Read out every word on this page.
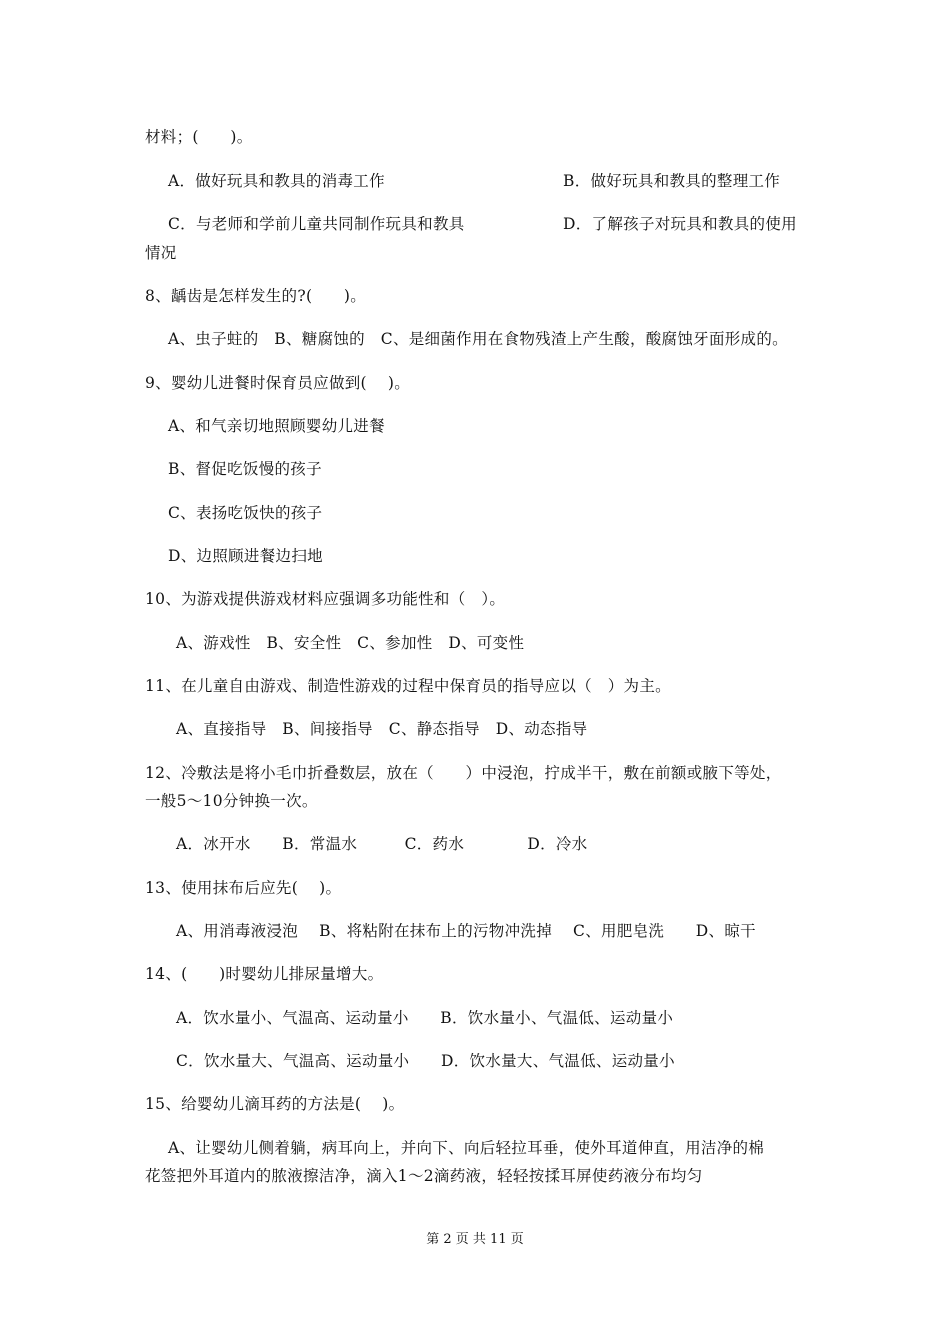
材料；(　　)。
A．做好玩具和教具的消毒工作	B．做好玩具和教具的整理工作
C．与老师和学前儿童共同制作玩具和教具	D．了解孩子对玩具和教具的使用
情况
8、龋齿是怎样发生的?(　　)。
A、虫子蛀的　B、糖腐蚀的　C、是细菌作用在食物残渣上产生酸，酸腐蚀牙面形成的。
9、婴幼儿进餐时保育员应做到(　 )。
A、和气亲切地照顾婴幼儿进餐
B、督促吃饭慢的孩子
C、表扬吃饭快的孩子
D、边照顾进餐边扫地
10、为游戏提供游戏材料应强调多功能性和（　）。
A、游戏性　B、安全性　C、参加性　D、可变性
11、在儿童自由游戏、制造性游戏的过程中保育员的指导应以（　）为主。
A、直接指导　B、间接指导　C、静态指导　D、动态指导
12、冷敷法是将小毛巾折叠数层，放在（　　）中浸泡，拧成半干，敷在前额或腋下等处，
一般5～10分钟换一次。
A．冰开水　　B．常温水　　　C．药水　　　　D．冷水
13、使用抹布后应先(　 )。
A、用消毒液浸泡　 B、将粘附在抹布上的污物冲洗掉　 C、用肥皂洗　　D、晾干
14、(　　)时婴幼儿排尿量增大。
A．饮水量小、气温高、运动量小　　B．饮水量小、气温低、运动量小
C．饮水量大、气温高、运动量小　　D．饮水量大、气温低、运动量小
15、给婴幼儿滴耳药的方法是(　 )。
A、让婴幼儿侧着躺，病耳向上，并向下、向后轻拉耳垂，使外耳道伸直，用洁净的棉
花签把外耳道内的脓液擦洁净，滴入1～2滴药液，轻轻按揉耳屏使药液分布均匀
第 2 页 共 11 页
